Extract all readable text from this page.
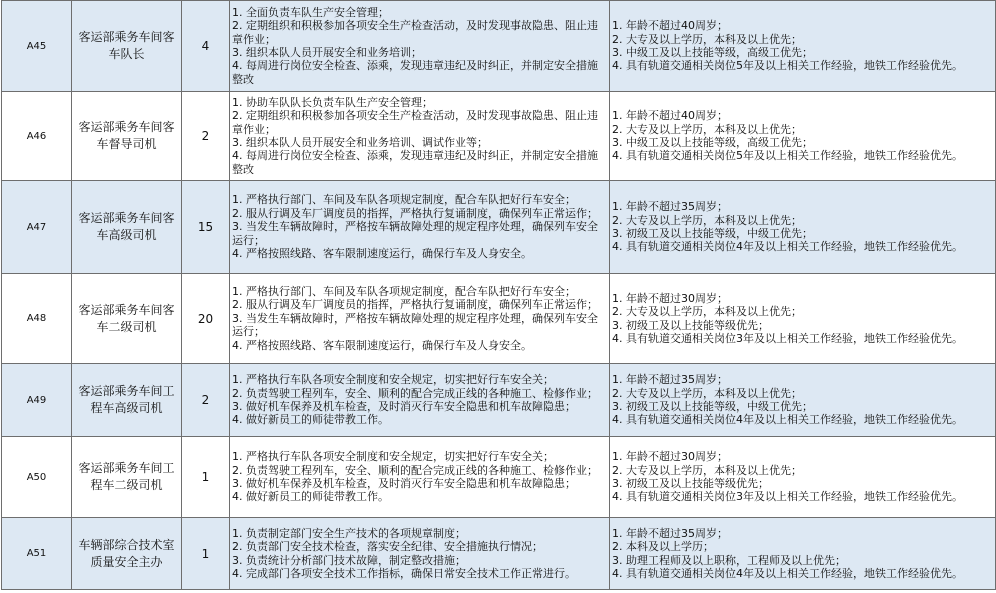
A45	客运部乘务车间客车队长	4	1. 全面负责车队生产安全管理；
2. 定期组织和积极参加各项安全生产检查活动，及时发现事故隐患、阻止违章作业；
3. 组织本队人员开展安全和业务培训；
4. 每周进行岗位安全检查、添乘，发现违章违纪及时纠正，并制定安全措施整改	1. 年龄不超过40周岁；
2. 大专及以上学历，本科及以上优先；
3. 中级工及以上技能等级，高级工优先；
4. 具有轨道交通相关岗位5年及以上相关工作经验，地铁工作经验优先。

A46	客运部乘务车间客车督导司机	2	1. 协助车队队长负责车队生产安全管理；
2. 定期组织和积极参加各项安全生产检查活动，及时发现事故隐患、阻止违章作业；
3. 组织本队人员开展安全和业务培训、调试作业等；
4. 每周进行岗位安全检查、添乘，发现违章违纪及时纠正，并制定安全措施整改	1. 年龄不超过40周岁；
2. 大专及以上学历，本科及以上优先；
3. 中级工及以上技能等级，高级工优先；
4. 具有轨道交通相关岗位5年及以上相关工作经验，地铁工作经验优先。

A47	客运部乘务车间客车高级司机	15	1. 严格执行部门、车间及车队各项规定制度，配合车队把好行车安全；
2. 服从行调及车厂调度员的指挥，严格执行复诵制度，确保列车正常运作；
3. 当发生车辆故障时，严格按车辆故障处理的规定程序处理，确保列车安全运行；
4. 严格按照线路、客车限制速度运行，确保行车及人身安全。	1. 年龄不超过35周岁；
2. 大专及以上学历，本科及以上优先；
3. 初级工及以上技能等级，中级工优先；
4. 具有轨道交通相关岗位4年及以上相关工作经验，地铁工作经验优先。

A48	客运部乘务车间客车二级司机	20	1. 严格执行部门、车间及车队各项规定制度，配合车队把好行车安全；
2. 服从行调及车厂调度员的指挥，严格执行复诵制度，确保列车正常运作；
3. 当发生车辆故障时，严格按车辆故障处理的规定程序处理，确保列车安全运行；
4. 严格按照线路、客车限制速度运行，确保行车及人身安全。	1. 年龄不超过30周岁；
2. 大专及以上学历，本科及以上优先；
3. 初级工及以上技能等级优先；
4. 具有轨道交通相关岗位3年及以上相关工作经验，地铁工作经验优先。

A49	客运部乘务车间工程车高级司机	2	1. 严格执行车队各项安全制度和安全规定，切实把好行车安全关；
2. 负责驾驶工程列车，安全、顺利的配合完成正线的各种施工、检修作业；
3. 做好机车保养及机车检查，及时消灭行车安全隐患和机车故障隐患；
4. 做好新员工的师徒带教工作。	1. 年龄不超过35周岁；
2. 大专及以上学历，本科及以上优先；
3. 初级工及以上技能等级，中级工优先；
4. 具有轨道交通相关岗位4年及以上相关工作经验，地铁工作经验优先。

A50	客运部乘务车间工程车二级司机	1	1. 严格执行车队各项安全制度和安全规定，切实把好行车安全关；
2. 负责驾驶工程列车，安全、顺利的配合完成正线的各种施工、检修作业；
3. 做好机车保养及机车检查，及时消灭行车安全隐患和机车故障隐患；
4. 做好新员工的师徒带教工作。	1. 年龄不超过30周岁；
2. 大专及以上学历，本科及以上优先；
3. 初级工及以上技能等级优先；
4. 具有轨道交通相关岗位3年及以上相关工作经验，地铁工作经验优先。

A51	车辆部综合技术室质量安全主办	1	1. 负责制定部门安全生产技术的各项规章制度；
2. 负责部门安全技术检查，落实安全纪律、安全措施执行情况；
3. 负责统计分析部门技术故障，制定整改措施；
4. 完成部门各项安全技术工作指标，确保日常安全技术工作正常进行。	1. 年龄不超过35周岁；
2. 本科及以上学历；
3. 助理工程师及以上职称，工程师及以上优先；
4. 具有轨道交通相关岗位4年及以上相关工作经验，地铁工作经验优先。
